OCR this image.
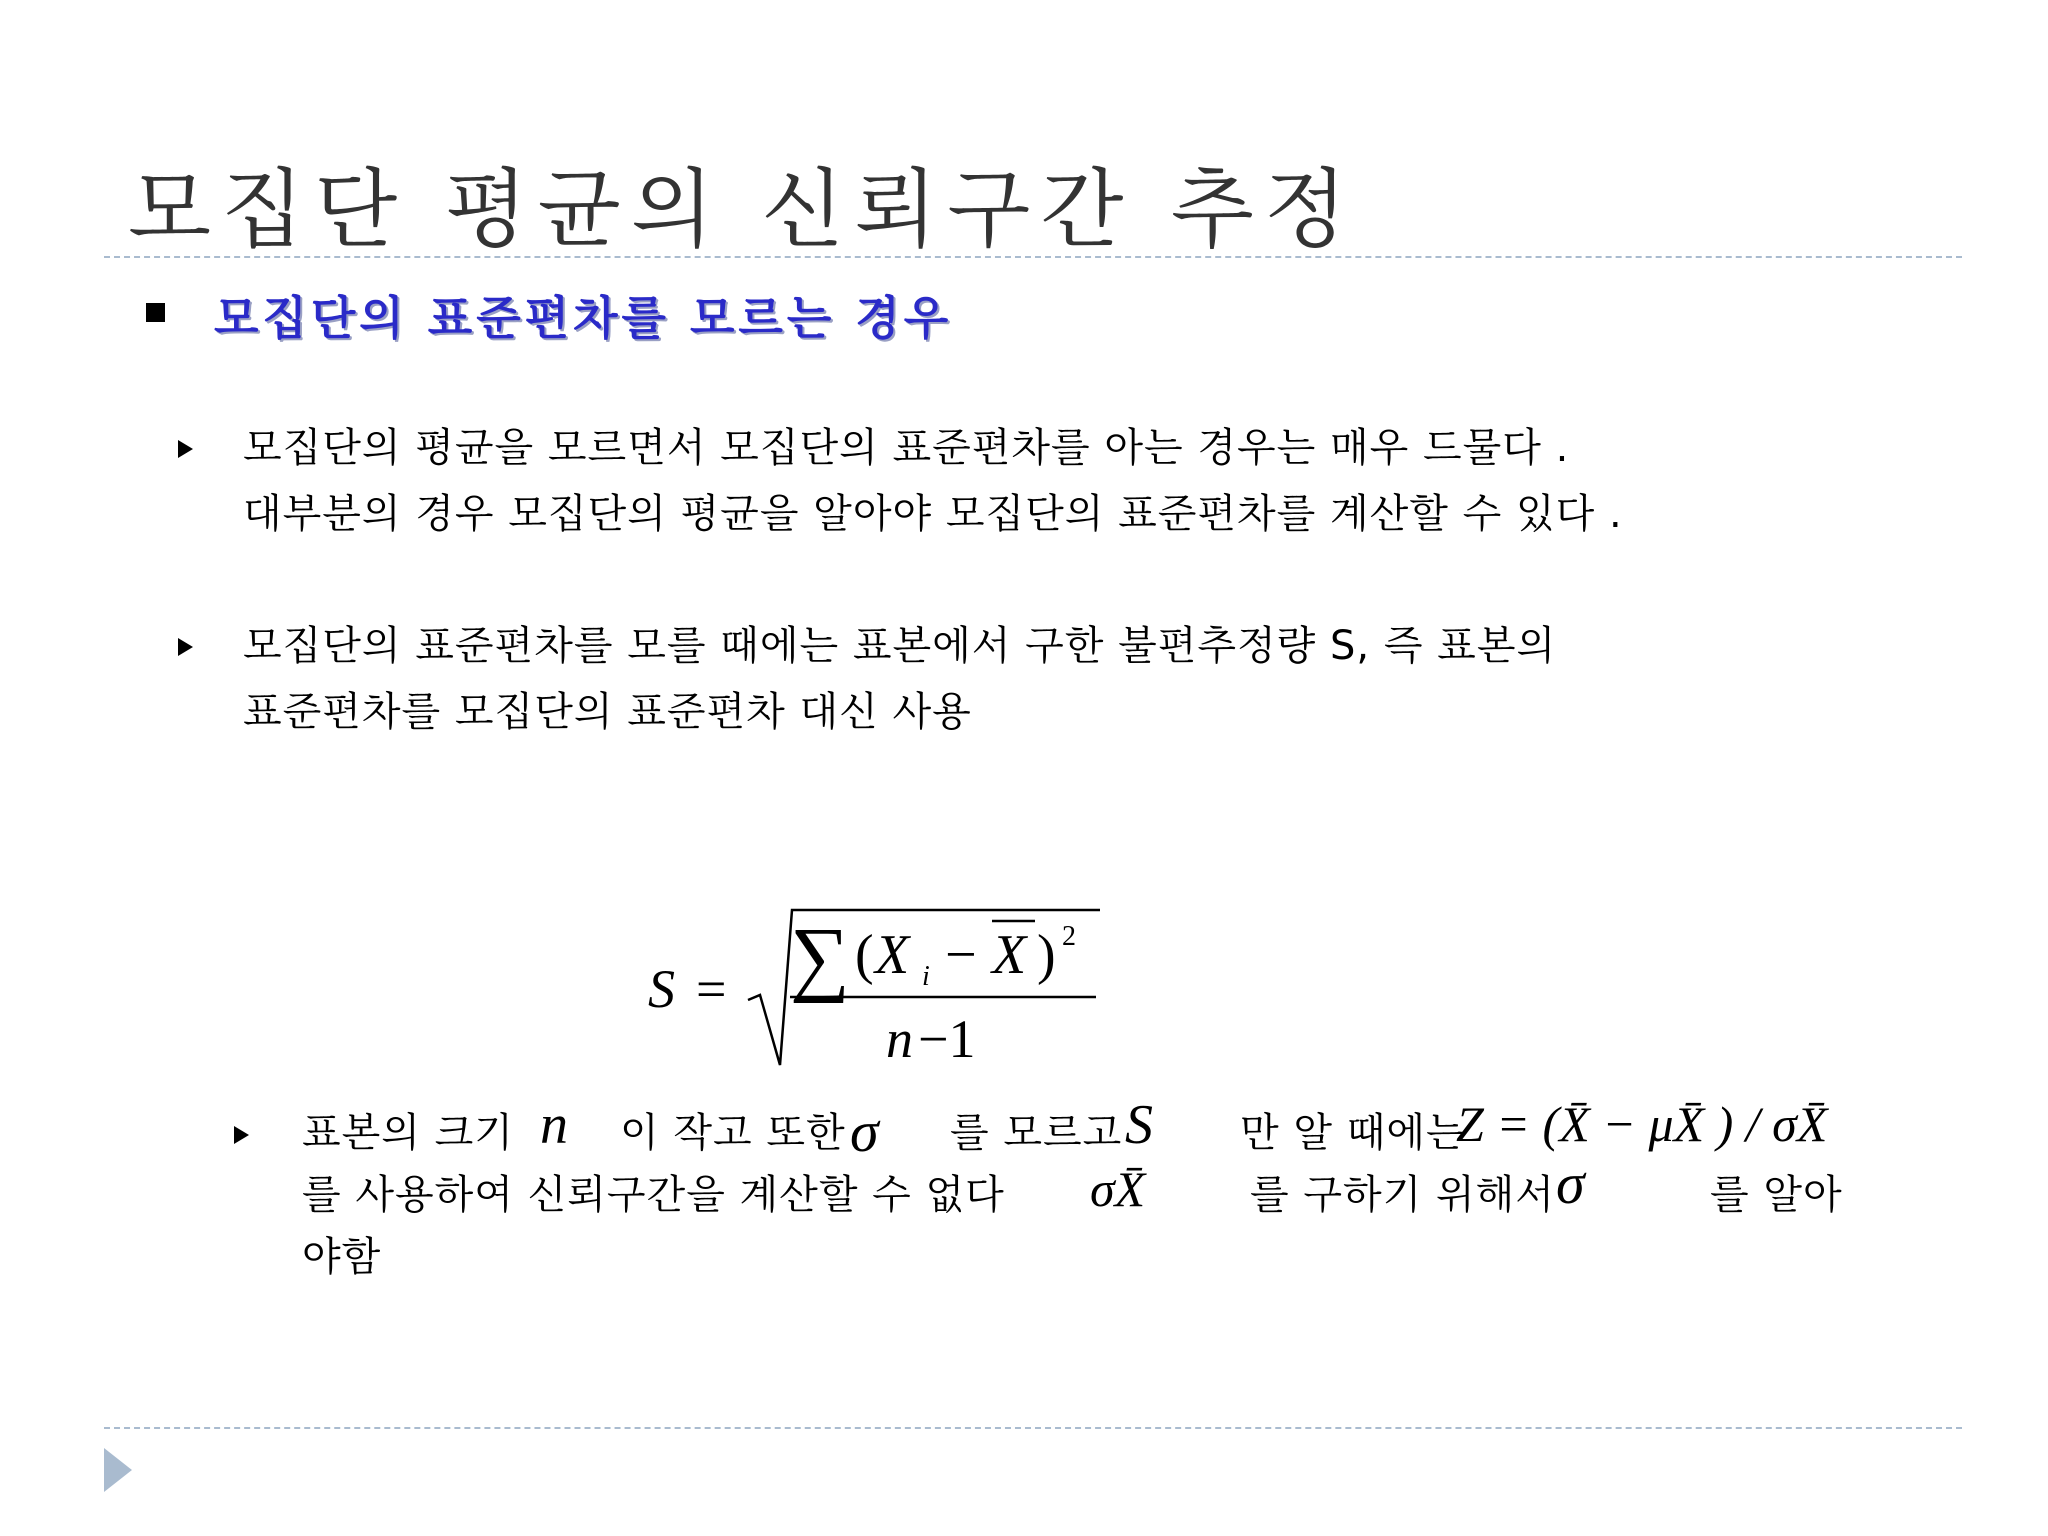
모집단 평균의 신뢰구간 추정
모집단의 표준편차를 모르는 경우
모집단의 평균을 모르면서 모집단의 표준편차를 아는 경우는 매우 드물다 .
대부분의 경우 모집단의 평균을 알아야 모집단의 표준편차를 계산할 수 있다 .
모집단의 표준편차를 모를 때에는 표본에서 구한 불편추정량 S, 즉 표본의
표준편차를 모집단의 표준편차 대신 사용
S = ∑ ( X i − X ) 2
n −1
표본의 크기 n 이 작고 또한 σ 를 모르고 S 만 알 때에는
Z = (X̄ − μX̄ ) / σX̄
를 사용하여 신뢰구간을 계산할 수 없다 σX̄	를 구하기 위해서 σ	를 알아
야함
